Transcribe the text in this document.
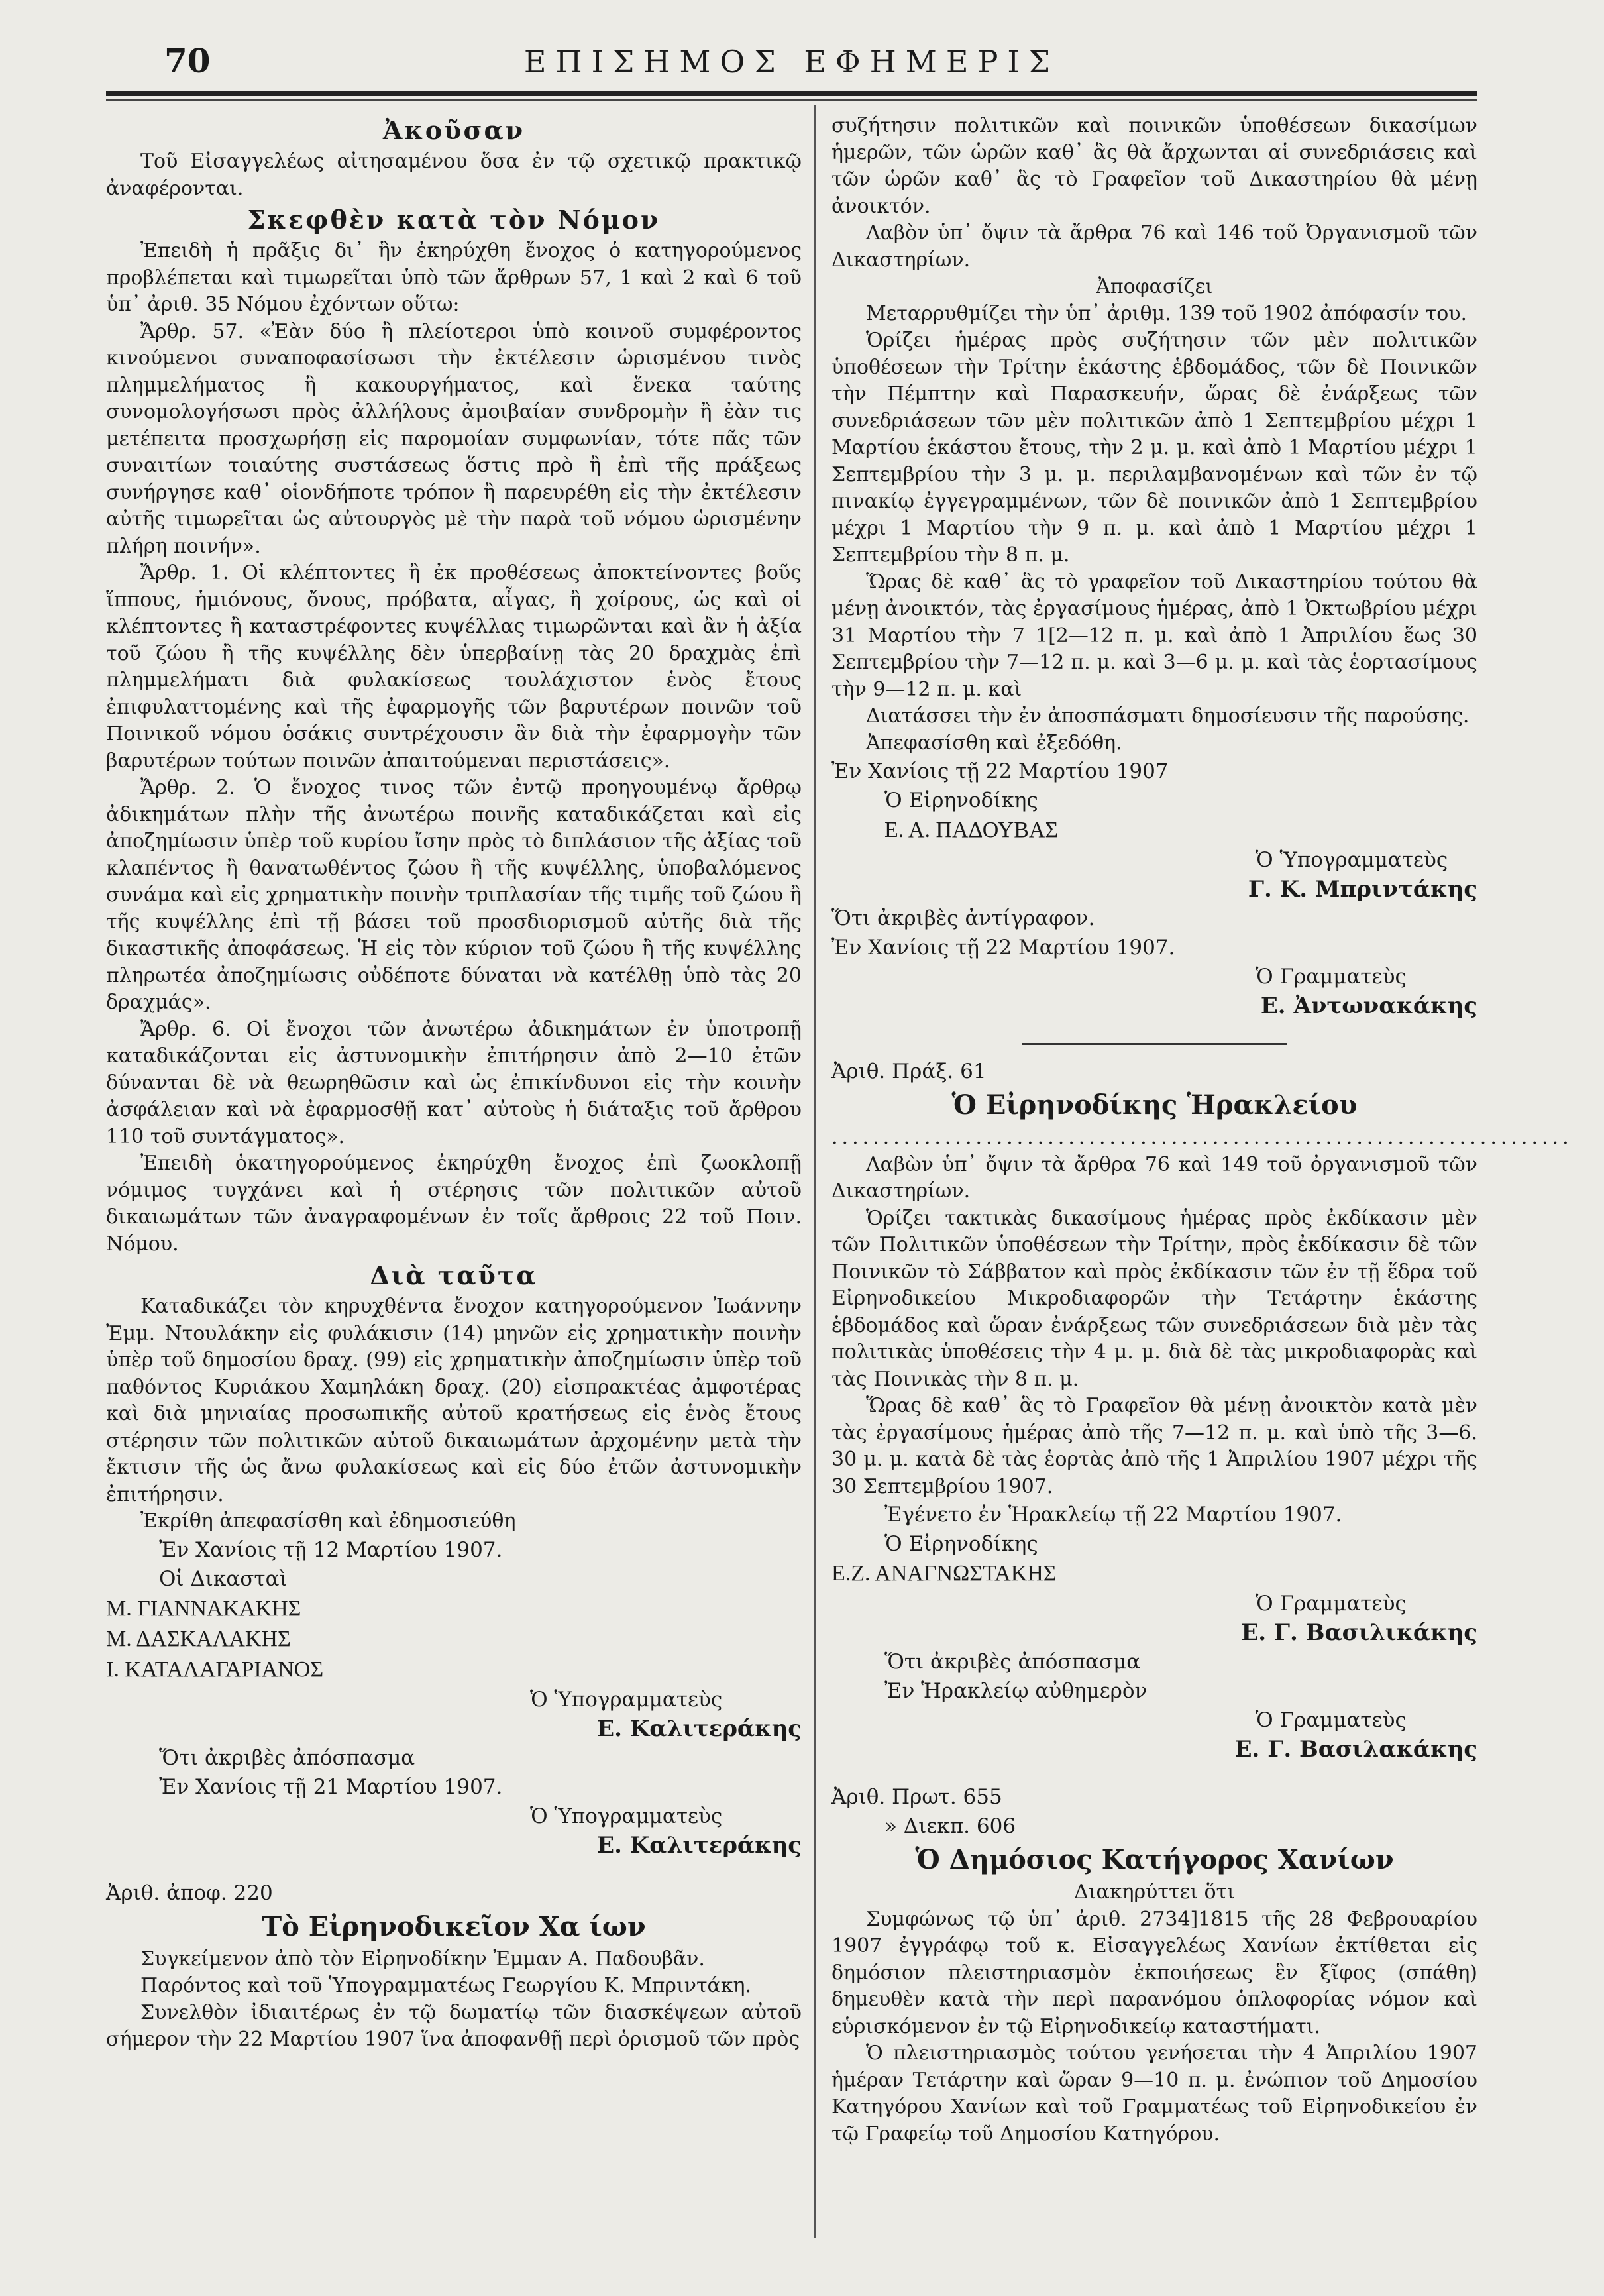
70	ΕΠΙΣΗΜΟΣ ΕΦΗΜΕΡΙΣ
Ἀκοῦσαν

Τοῦ Εἰσαγγελέως αἰτησαμένου ὅσα ἐν τῷ σχετικῷ πρακτικῷ ἀναφέρονται.

Σκεφθὲν κατὰ τὸν Νόμον

Ἐπειδὴ ἡ πρᾶξις δι᾽ ἣν ἐκηρύχθη ἔνοχος ὁ κατηγορούμενος προβλέπεται καὶ τιμωρεῖται ὑπὸ τῶν ἄρθρων 57, 1 καὶ 2 καὶ 6 τοῦ ὑπ᾽ ἀριθ. 35 Νόμου ἐχόντων οὕτω:

Ἄρθρ. 57. «Ἐὰν δύο ἢ πλείοτεροι ὑπὸ κοινοῦ συμφέροντος κινούμενοι συναποφασίσωσι τὴν ἐκτέλεσιν ὡρισμένου τινὸς πλημμελήματος ἢ κακουργήματος, καὶ ἕνεκα ταύτης συνομολογήσωσι πρὸς ἀλλήλους ἀμοιβαίαν συνδρομὴν ἢ ἐὰν τις μετέπειτα προσχωρήσῃ εἰς παρομοίαν συμφωνίαν, τότε πᾶς τῶν συναιτίων τοιαύτης συστάσεως ὅστις πρὸ ἢ ἐπὶ τῆς πράξεως συνήργησε καθ᾽ οἱονδήποτε τρόπον ἢ παρευρέθη εἰς τὴν ἐκτέλεσιν αὐτῆς τιμωρεῖται ὡς αὐτουργὸς μὲ τὴν παρὰ τοῦ νόμου ὡρισμένην πλήρη ποινήν».

Ἄρθρ. 1. Οἱ κλέπτοντες ἢ ἐκ προθέσεως ἀποκτείνοντες βοῦς ἵππους, ἡμιόνους, ὄνους, πρόβατα, αἶγας, ἢ χοίρους, ὡς καὶ οἱ κλέπτοντες ἢ καταστρέφοντες κυψέλλας τιμωρῶνται καὶ ἂν ἡ ἀξία τοῦ ζώου ἢ τῆς κυψέλλης δὲν ὑπερβαίνῃ τὰς 20 δραχμὰς ἐπὶ πλημμελήματι διὰ φυλακίσεως τουλάχιστον ἑνὸς ἔτους ἐπιφυλαττομένης καὶ τῆς ἐφαρμογῆς τῶν βαρυτέρων ποινῶν τοῦ Ποινικοῦ νόμου ὁσάκις συντρέχουσιν ἂν διὰ τὴν ἐφαρμογὴν τῶν βαρυτέρων τούτων ποινῶν ἀπαιτούμεναι περιστάσεις».

Ἄρθρ. 2. Ὁ ἔνοχος τινος τῶν ἐντῷ προηγουμένῳ ἄρθρῳ ἀδικημάτων πλὴν τῆς ἀνωτέρω ποινῆς καταδικάζεται καὶ εἰς ἀποζημίωσιν ὑπὲρ τοῦ κυρίου ἴσην πρὸς τὸ διπλάσιον τῆς ἀξίας τοῦ κλαπέντος ἢ θανατωθέντος ζώου ἢ τῆς κυψέλλης, ὑποβαλόμενος συνάμα καὶ εἰς χρηματικὴν ποινὴν τριπλασίαν τῆς τιμῆς τοῦ ζώου ἢ τῆς κυψέλλης ἐπὶ τῇ βάσει τοῦ προσδιορισμοῦ αὐτῆς διὰ τῆς δικαστικῆς ἀποφάσεως. Ἡ εἰς τὸν κύριον τοῦ ζώου ἢ τῆς κυψέλλης πληρωτέα ἀποζημίωσις οὐδέποτε δύναται νὰ κατέλθῃ ὑπὸ τὰς 20 δραχμάς».

Ἄρθρ. 6. Οἱ ἔνοχοι τῶν ἀνωτέρω ἀδικημάτων ἐν ὑποτροπῇ καταδικάζονται εἰς ἀστυνομικὴν ἐπιτήρησιν ἀπὸ 2—10 ἐτῶν δύνανται δὲ νὰ θεωρηθῶσιν καὶ ὡς ἐπικίνδυνοι εἰς τὴν κοινὴν ἀσφάλειαν καὶ νὰ ἐφαρμοσθῇ κατ᾽ αὐτοὺς ἡ διάταξις τοῦ ἄρθρου 110 τοῦ συντάγματος».

Ἐπειδὴ ὁκατηγορούμενος ἐκηρύχθη ἔνοχος ἐπὶ ζωοκλοπῇ νόμιμος τυγχάνει καὶ ἡ στέρησις τῶν πολιτικῶν αὐτοῦ δικαιωμάτων τῶν ἀναγραφομένων ἐν τοῖς ἄρθροις 22 τοῦ Ποιν. Νόμου.

Διὰ ταῦτα

Καταδικάζει τὸν κηρυχθέντα ἔνοχον κατηγορούμενον Ἰωάννην Ἐμμ. Ντουλάκην εἰς φυλάκισιν (14) μηνῶν εἰς χρηματικὴν ποινὴν ὑπὲρ τοῦ δημοσίου δραχ. (99) εἰς χρηματικὴν ἀποζημίωσιν ὑπὲρ τοῦ παθόντος Κυριάκου Χαμηλάκη δραχ. (20) εἰσπρακτέας ἀμφοτέρας καὶ διὰ μηνιαίας προσωπικῆς αὐτοῦ κρατήσεως εἰς ἑνὸς ἔτους στέρησιν τῶν πολιτικῶν αὐτοῦ δικαιωμάτων ἀρχομένην μετὰ τὴν ἔκτισιν τῆς ὡς ἄνω φυλακίσεως καὶ εἰς δύο ἐτῶν ἀστυνομικὴν ἐπιτήρησιν.

Ἐκρίθη ἀπεφασίσθη καὶ ἐδημοσιεύθη

Ἐν Χανίοις τῇ 12 Μαρτίου 1907.
Οἱ Δικασταὶ
Μ. ΓΙΑΝΝΑΚΑΚΗΣ
Μ. ΔΑΣΚΑΛΑΚΗΣ
Ι. ΚΑΤΑΛΑΓΑΡΙΑΝΟΣ
Ὁ Ὑπογραμματεὺς
Ε. Καλιτεράκης
Ὅτι ἀκριβὲς ἀπόσπασμα
Ἐν Χανίοις τῇ 21 Μαρτίου 1907.
Ὁ Ὑπογραμματεὺς
Ε. Καλιτεράκης
Ἀριθ. ἀποφ. 220
Τὸ Εἰρηνοδικεῖον Χα ίων

Συγκείμενον ἀπὸ τὸν Εἰρηνοδίκην Ἐμμαν Α. Παδουβᾶν.

Παρόντος καὶ τοῦ Ὑπογραμματέως Γεωργίου Κ. Μπριντάκη.

Συνελθὸν ἰδιαιτέρως ἐν τῷ δωματίῳ τῶν διασκέψεων αὐτοῦ σήμερον τὴν 22 Μαρτίου 1907 ἵνα ἀποφανθῇ περὶ ὁρισμοῦ τῶν πρὸς

συζήτησιν πολιτικῶν καὶ ποινικῶν ὑποθέσεων δικασίμων ἡμερῶν, τῶν ὡρῶν καθ᾽ ἃς θὰ ἄρχωνται αἱ συνεδριάσεις καὶ τῶν ὡρῶν καθ᾽ ἃς τὸ Γραφεῖον τοῦ Δικαστηρίου θὰ μένῃ ἀνοικτόν.

Λαβὸν ὑπ᾽ ὄψιν τὰ ἄρθρα 76 καὶ 146 τοῦ Ὀργανισμοῦ τῶν Δικαστηρίων.

Ἀποφασίζει

Μεταρρυθμίζει τὴν ὑπ᾽ ἀριθμ. 139 τοῦ 1902 ἀπόφασίν του.

Ὁρίζει ἡμέρας πρὸς συζήτησιν τῶν μὲν πολιτικῶν ὑποθέσεων τὴν Τρίτην ἑκάστης ἑβδομάδος, τῶν δὲ Ποινικῶν τὴν Πέμπτην καὶ Παρασκευήν, ὥρας δὲ ἐνάρξεως τῶν συνεδριάσεων τῶν μὲν πολιτικῶν ἀπὸ 1 Σεπτεμβρίου μέχρι 1 Μαρτίου ἑκάστου ἔτους, τὴν 2 μ. μ. καὶ ἀπὸ 1 Μαρτίου μέχρι 1 Σεπτεμβρίου τὴν 3 μ. μ. περιλαμβανομένων καὶ τῶν ἐν τῷ πινακίῳ ἐγγεγραμμένων, τῶν δὲ ποινικῶν ἀπὸ 1 Σεπτεμβρίου μέχρι 1 Μαρτίου τὴν 9 π. μ. καὶ ἀπὸ 1 Μαρτίου μέχρι 1 Σεπτεμβρίου τὴν 8 π. μ.

Ὥρας δὲ καθ᾽ ἃς τὸ γραφεῖον τοῦ Δικαστηρίου τούτου θὰ μένῃ ἀνοικτόν, τὰς ἐργασίμους ἡμέρας, ἀπὸ 1 Ὀκτωβρίου μέχρι 31 Μαρτίου τὴν 7 1[2—12 π. μ. καὶ ἀπὸ 1 Ἀπριλίου ἕως 30 Σεπτεμβρίου τὴν 7—12 π. μ. καὶ 3—6 μ. μ. καὶ τὰς ἑορτασίμους τὴν 9—12 π. μ. καὶ

Διατάσσει τὴν ἐν ἀποσπάσματι δημοσίευσιν τῆς παρούσης.

Ἀπεφασίσθη καὶ ἐξεδόθη.

Ἐν Χανίοις τῇ 22 Μαρτίου 1907
Ὁ Εἰρηνοδίκης
Ε. Α. ΠΑΔΟΥΒΑΣ
Ὁ Ὑπογραμματεὺς
Γ. Κ. Μπριντάκης
Ὅτι ἀκριβὲς ἀντίγραφον.
Ἐν Χανίοις τῇ 22 Μαρτίου 1907.
Ὁ Γραμματεὺς
Ε. Ἀντωνακάκης
Ἀριθ. Πράξ. 61
Ὁ Εἰρηνοδίκης Ἡρακλείου
........................................................................

Λαβὼν ὑπ᾽ ὄψιν τὰ ἄρθρα 76 καὶ 149 τοῦ ὀργανισμοῦ τῶν Δικαστηρίων.

Ὁρίζει τακτικὰς δικασίμους ἡμέρας πρὸς ἐκδίκασιν μὲν τῶν Πολιτικῶν ὑποθέσεων τὴν Τρίτην, πρὸς ἐκδίκασιν δὲ τῶν Ποινικῶν τὸ Σάββατον καὶ πρὸς ἐκδίκασιν τῶν ἐν τῇ ἕδρα τοῦ Εἰρηνοδικείου Μικροδιαφορῶν τὴν Τετάρτην ἑκάστης ἑβδομάδος καὶ ὥραν ἐνάρξεως τῶν συνεδριάσεων διὰ μὲν τὰς πολιτικὰς ὑποθέσεις τὴν 4 μ. μ. διὰ δὲ τὰς μικροδιαφορὰς καὶ τὰς Ποινικὰς τὴν 8 π. μ.

Ὥρας δὲ καθ᾽ ἃς τὸ Γραφεῖον θὰ μένῃ ἀνοικτὸν κατὰ μὲν τὰς ἐργασίμους ἡμέρας ἀπὸ τῆς 7—12 π. μ. καὶ ὑπὸ τῆς 3—6. 30 μ. μ. κατὰ δὲ τὰς ἑορτὰς ἀπὸ τῆς 1 Ἀπριλίου 1907 μέχρι τῆς 30 Σεπτεμβρίου 1907.

Ἐγένετο ἐν Ἡρακλείῳ τῇ 22 Μαρτίου 1907.
Ὁ Εἰρηνοδίκης
Ε.Ζ. ΑΝΑΓΝΩΣΤΑΚΗΣ
Ὁ Γραμματεὺς
Ε. Γ. Βασιλικάκης
Ὅτι ἀκριβὲς ἀπόσπασμα
Ἐν Ἡρακλείῳ αὐθημερὸν
Ὁ Γραμματεὺς
Ε. Γ. Βασιλακάκης
Ἀριθ. Πρωτ. 655
» Διεκπ. 606
Ὁ Δημόσιος Κατήγορος Χανίων
Διακηρύττει ὅτι

Συμφώνως τῷ ὑπ᾽ ἀριθ. 2734]1815 τῆς 28 Φεβρουαρίου 1907 ἐγγράφῳ τοῦ κ. Εἰσαγγελέως Χανίων ἐκτίθεται εἰς δημόσιον πλειστηριασμὸν ἐκποιήσεως ἓν ξῖφος (σπάθη) δημευθὲν κατὰ τὴν περὶ παρανόμου ὁπλοφορίας νόμον καὶ εὑρισκόμενον ἐν τῷ Εἰρηνοδικείῳ καταστήματι.

Ὁ πλειστηριασμὸς τούτου γενήσεται τὴν 4 Ἀπριλίου 1907 ἡμέραν Τετάρτην καὶ ὥραν 9—10 π. μ. ἐνώπιον τοῦ Δημοσίου Κατηγόρου Χανίων καὶ τοῦ Γραμματέως τοῦ Εἰρηνοδικείου ἐν τῷ Γραφείῳ τοῦ Δημοσίου Κατηγόρου.
